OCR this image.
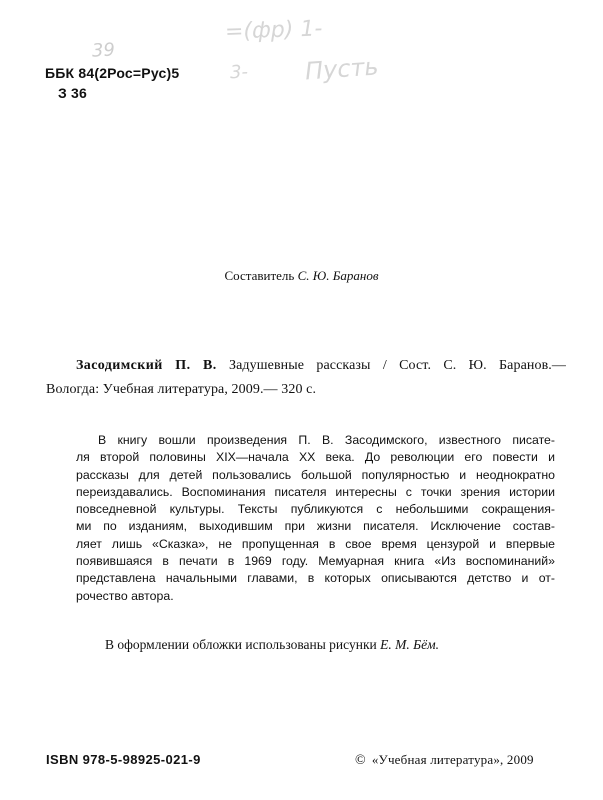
=(фр) 1-
39
Пусть
3-
ББК 84(2Рос=Рус)5
З 36
Составитель С. Ю. Баранов
Засодимский П. В. Задушевные рассказы / Сост. С. Ю. Баранов.—
Вологда: Учебная литература, 2009.— 320 с.
В книгу вошли произведения П. В. Засодимского, известного писате-
ля второй половины XIX—начала XX века. До революции его повести и
рассказы для детей пользовались большой популярностью и неоднократно
переиздавались. Воспоминания писателя интересны с точки зрения истории
повседневной культуры. Тексты публикуются с небольшими сокращения-
ми по изданиям, выходившим при жизни писателя. Исключение состав-
ляет лишь «Сказка», не пропущенная в свое время цензурой и впервые
появившаяся в печати в 1969 году. Мемуарная книга «Из воспоминаний»
представлена начальными главами, в которых описываются детство и от-
рочество автора.
В оформлении обложки использованы рисунки Е. М. Бём.
ISBN 978-5-98925-021-9	© «Учебная литература», 2009
